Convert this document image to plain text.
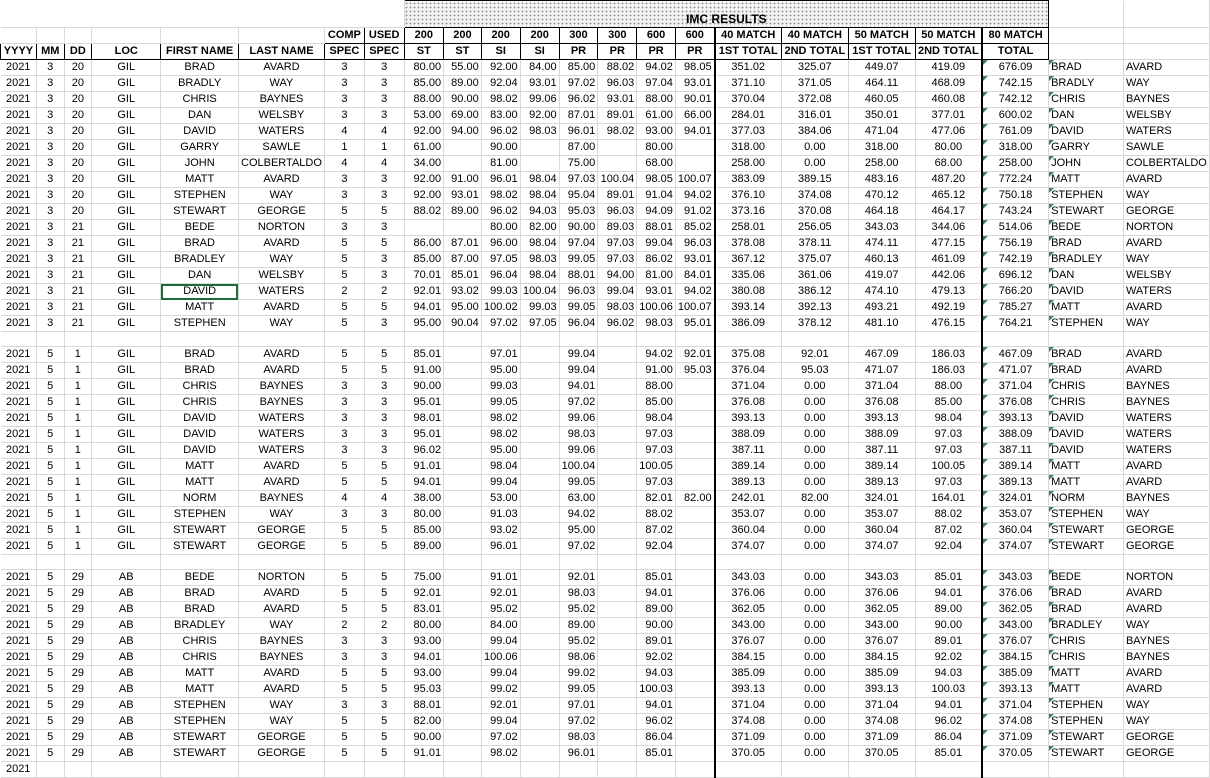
								IMC RESULTS														
						COMP	USED	200	200	200	200	300	300	600	600	40 MATCH	40 MATCH	50 MATCH	50 MATCH	80 MATCH		
YYYY	MM	DD	LOC	FIRST NAME	LAST NAME	SPEC	SPEC	ST	ST	SI	SI	PR	PR	PR	PR	1ST TOTAL	2ND TOTAL	1ST TOTAL	2ND TOTAL	TOTAL		
2021	3	20	GIL	BRAD	AVARD	3	3	80.00	55.00	92.00	84.00	85.00	88.02	94.02	98.05	351.02	325.07	449.07	419.09	676.09	BRAD	AVARD
2021	3	20	GIL	BRADLY	WAY	3	3	85.00	89.00	92.04	93.01	97.02	96.03	97.04	93.01	371.10	371.05	464.11	468.09	742.15	BRADLY	WAY
2021	3	20	GIL	CHRIS	BAYNES	3	3	88.00	90.00	98.02	99.06	96.02	93.01	88.00	90.01	370.04	372.08	460.05	460.08	742.12	CHRIS	BAYNES
2021	3	20	GIL	DAN	WELSBY	3	3	53.00	69.00	83.00	92.00	87.01	89.01	61.00	66.00	284.01	316.01	350.01	377.01	600.02	DAN	WELSBY
2021	3	20	GIL	DAVID	WATERS	4	4	92.00	94.00	96.02	98.03	96.01	98.02	93.00	94.01	377.03	384.06	471.04	477.06	761.09	DAVID	WATERS
2021	3	20	GIL	GARRY	SAWLE	1	1	61.00		90.00		87.00		80.00		318.00	0.00	318.00	80.00	318.00	GARRY	SAWLE
2021	3	20	GIL	JOHN	COLBERTALDO	4	4	34.00		81.00		75.00		68.00		258.00	0.00	258.00	68.00	258.00	JOHN	COLBERTALDO
2021	3	20	GIL	MATT	AVARD	3	3	92.00	91.00	96.01	98.04	97.03	100.04	98.05	100.07	383.09	389.15	483.16	487.20	772.24	MATT	AVARD
2021	3	20	GIL	STEPHEN	WAY	3	3	92.00	93.01	98.02	98.04	95.04	89.01	91.04	94.02	376.10	374.08	470.12	465.12	750.18	STEPHEN	WAY
2021	3	20	GIL	STEWART	GEORGE	5	5	88.02	89.00	96.02	94.03	95.03	96.03	94.09	91.02	373.16	370.08	464.18	464.17	743.24	STEWART	GEORGE
2021	3	21	GIL	BEDE	NORTON	3	3			80.00	82.00	90.00	89.03	88.01	85.02	258.01	256.05	343.03	344.06	514.06	BEDE	NORTON
2021	3	21	GIL	BRAD	AVARD	5	5	86.00	87.01	96.00	98.04	97.04	97.03	99.04	96.03	378.08	378.11	474.11	477.15	756.19	BRAD	AVARD
2021	3	21	GIL	BRADLEY	WAY	5	3	85.00	87.00	97.05	98.03	99.05	97.03	86.02	93.01	367.12	375.07	460.13	461.09	742.19	BRADLEY	WAY
2021	3	21	GIL	DAN	WELSBY	5	3	70.01	85.01	96.04	98.04	88.01	94.00	81.00	84.01	335.06	361.06	419.07	442.06	696.12	DAN	WELSBY
2021	3	21	GIL	DAVID	WATERS	2	2	92.01	93.02	99.03	100.04	96.03	99.04	93.01	94.02	380.08	386.12	474.10	479.13	766.20	DAVID	WATERS
2021	3	21	GIL	MATT	AVARD	5	5	94.01	95.00	100.02	99.03	99.05	98.03	100.06	100.07	393.14	392.13	493.21	492.19	785.27	MATT	AVARD
2021	3	21	GIL	STEPHEN	WAY	5	3	95.00	90.04	97.02	97.05	96.04	96.02	98.03	95.01	386.09	378.12	481.10	476.15	764.21	STEPHEN	WAY

2021	5	1	GIL	BRAD	AVARD	5	5	85.01		97.01		99.04		94.02	92.01	375.08	92.01	467.09	186.03	467.09	BRAD	AVARD
2021	5	1	GIL	BRAD	AVARD	5	5	91.00		95.00		99.04		91.00	95.03	376.04	95.03	471.07	186.03	471.07	BRAD	AVARD
2021	5	1	GIL	CHRIS	BAYNES	3	3	90.00		99.03		94.01		88.00		371.04	0.00	371.04	88.00	371.04	CHRIS	BAYNES
2021	5	1	GIL	CHRIS	BAYNES	3	3	95.01		99.05		97.02		85.00		376.08	0.00	376.08	85.00	376.08	CHRIS	BAYNES
2021	5	1	GIL	DAVID	WATERS	3	3	98.01		98.02		99.06		98.04		393.13	0.00	393.13	98.04	393.13	DAVID	WATERS
2021	5	1	GIL	DAVID	WATERS	3	3	95.01		98.02		98.03		97.03		388.09	0.00	388.09	97.03	388.09	DAVID	WATERS
2021	5	1	GIL	DAVID	WATERS	3	3	96.02		95.00		99.06		97.03		387.11	0.00	387.11	97.03	387.11	DAVID	WATERS
2021	5	1	GIL	MATT	AVARD	5	5	91.01		98.04		100.04		100.05		389.14	0.00	389.14	100.05	389.14	MATT	AVARD
2021	5	1	GIL	MATT	AVARD	5	5	94.01		99.04		99.05		97.03		389.13	0.00	389.13	97.03	389.13	MATT	AVARD
2021	5	1	GIL	NORM	BAYNES	4	4	38.00		53.00		63.00		82.01	82.00	242.01	82.00	324.01	164.01	324.01	NORM	BAYNES
2021	5	1	GIL	STEPHEN	WAY	3	3	80.00		91.03		94.02		88.02		353.07	0.00	353.07	88.02	353.07	STEPHEN	WAY
2021	5	1	GIL	STEWART	GEORGE	5	5	85.00		93.02		95.00		87.02		360.04	0.00	360.04	87.02	360.04	STEWART	GEORGE
2021	5	1	GIL	STEWART	GEORGE	5	5	89.00		96.01		97.02		92.04		374.07	0.00	374.07	92.04	374.07	STEWART	GEORGE

2021	5	29	AB	BEDE	NORTON	5	5	75.00		91.01		92.01		85.01		343.03	0.00	343.03	85.01	343.03	BEDE	NORTON
2021	5	29	AB	BRAD	AVARD	5	5	92.01		92.01		98.03		94.01		376.06	0.00	376.06	94.01	376.06	BRAD	AVARD
2021	5	29	AB	BRAD	AVARD	5	5	83.01		95.02		95.02		89.00		362.05	0.00	362.05	89.00	362.05	BRAD	AVARD
2021	5	29	AB	BRADLEY	WAY	2	2	80.00		84.00		89.00		90.00		343.00	0.00	343.00	90.00	343.00	BRADLEY	WAY
2021	5	29	AB	CHRIS	BAYNES	3	3	93.00		99.04		95.02		89.01		376.07	0.00	376.07	89.01	376.07	CHRIS	BAYNES
2021	5	29	AB	CHRIS	BAYNES	3	3	94.01		100.06		98.06		92.02		384.15	0.00	384.15	92.02	384.15	CHRIS	BAYNES
2021	5	29	AB	MATT	AVARD	5	5	93.00		99.04		99.02		94.03		385.09	0.00	385.09	94.03	385.09	MATT	AVARD
2021	5	29	AB	MATT	AVARD	5	5	95.03		99.02		99.05		100.03		393.13	0.00	393.13	100.03	393.13	MATT	AVARD
2021	5	29	AB	STEPHEN	WAY	3	3	88.01		92.01		97.01		94.01		371.04	0.00	371.04	94.01	371.04	STEPHEN	WAY
2021	5	29	AB	STEPHEN	WAY	5	5	82.00		99.04		97.02		96.02		374.08	0.00	374.08	96.02	374.08	STEPHEN	WAY
2021	5	29	AB	STEWART	GEORGE	5	5	90.00		97.02		98.03		86.04		371.09	0.00	371.09	86.04	371.09	STEWART	GEORGE
2021	5	29	AB	STEWART	GEORGE	5	5	91.01		98.02		96.01		85.01		370.05	0.00	370.05	85.01	370.05	STEWART	GEORGE
2021																						
